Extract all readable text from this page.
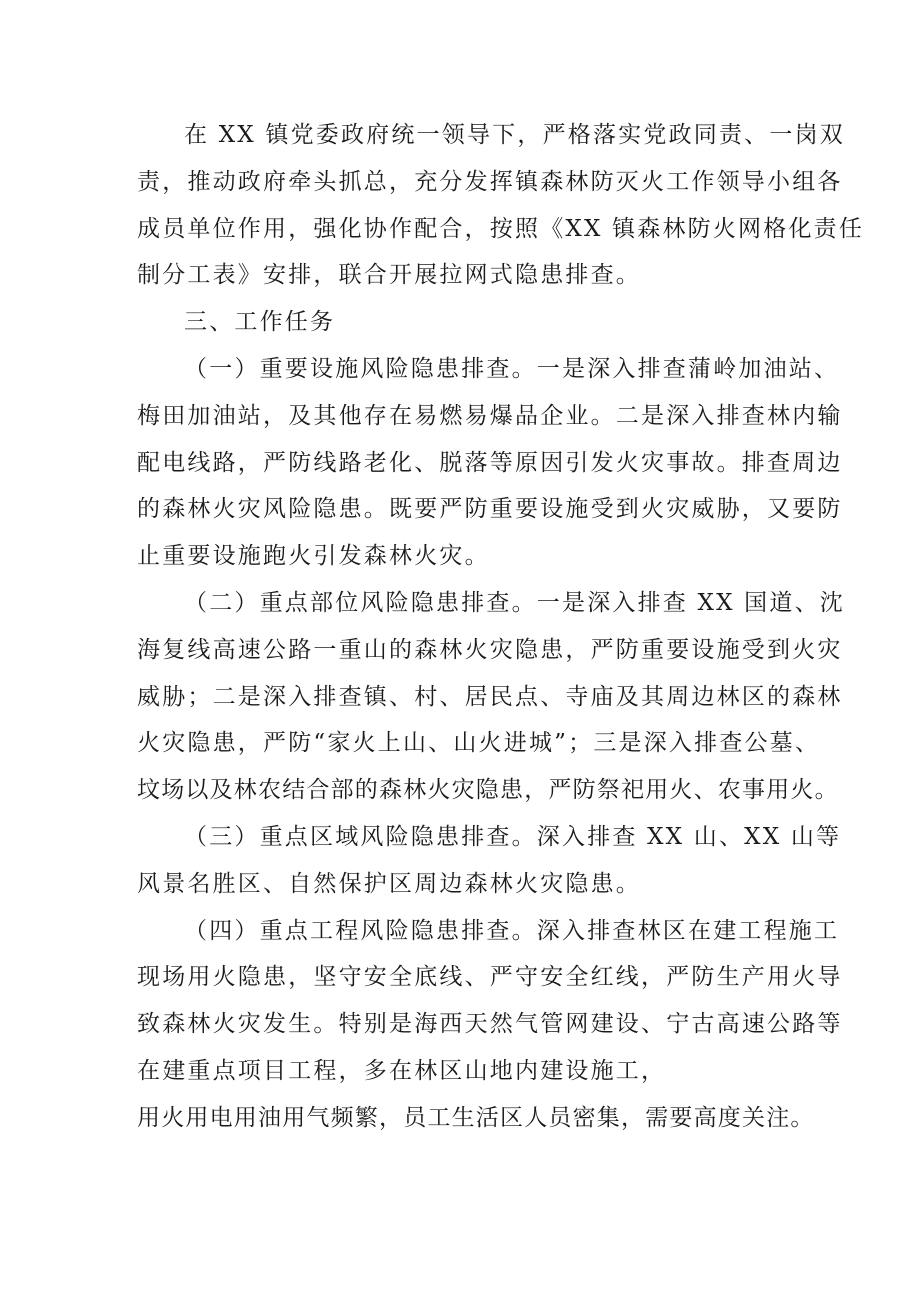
在 XX 镇党委政府统一领导下，严格落实党政同责、一岗双
责，推动政府牵头抓总，充分发挥镇森林防灭火工作领导小组各
成员单位作用，强化协作配合，按照《XX 镇森林防火网格化责任
制分工表》安排，联合开展拉网式隐患排查。
三、工作任务
（一）重要设施风险隐患排查。一是深入排查蒲岭加油站、
梅田加油站，及其他存在易燃易爆品企业。二是深入排查林内输
配电线路，严防线路老化、脱落等原因引发火灾事故。排查周边
的森林火灾风险隐患。既要严防重要设施受到火灾威胁，又要防
止重要设施跑火引发森林火灾。
（二）重点部位风险隐患排查。一是深入排查 XX 国道、沈
海复线高速公路一重山的森林火灾隐患，严防重要设施受到火灾
威胁；二是深入排查镇、村、居民点、寺庙及其周边林区的森林
火灾隐患，严防“家火上山、山火进城”；三是深入排查公墓、
坟场以及林农结合部的森林火灾隐患，严防祭祀用火、农事用火。
（三）重点区域风险隐患排查。深入排查 XX 山、XX 山等
风景名胜区、自然保护区周边森林火灾隐患。
（四）重点工程风险隐患排查。深入排查林区在建工程施工
现场用火隐患，坚守安全底线、严守安全红线，严防生产用火导
致森林火灾发生。特别是海西天然气管网建设、宁古高速公路等
在建重点项目工程，多在林区山地内建设施工，
用火用电用油用气频繁，员工生活区人员密集，需要高度关注。
